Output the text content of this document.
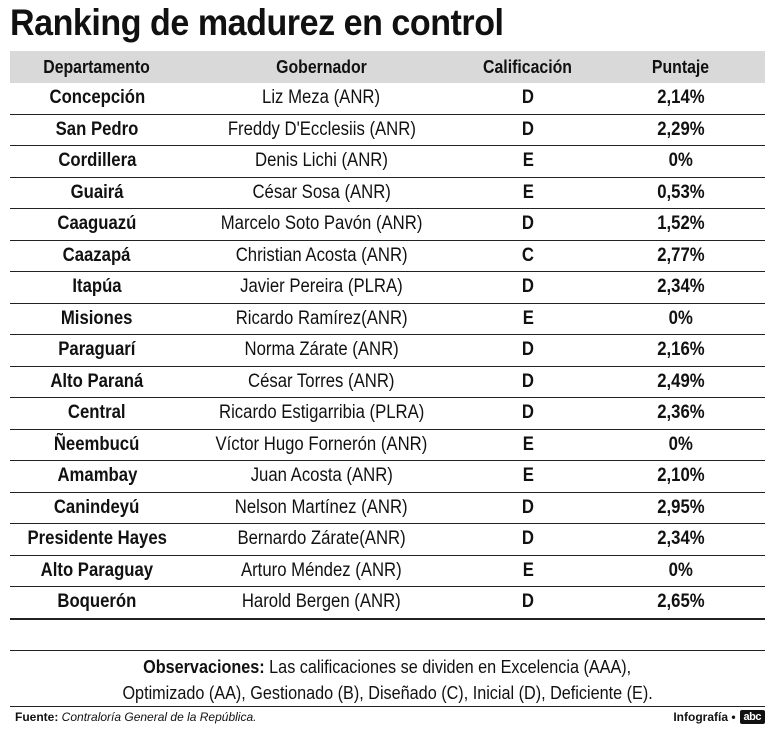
Ranking de madurez en control
Departamento	Gobernador	Calificación	Puntaje
Concepción	Liz Meza (ANR)	D	2,14%
San Pedro	Freddy D'Ecclesiis (ANR)	D	2,29%
Cordillera	Denis Lichi (ANR)	E	0%
Guairá	César Sosa (ANR)	E	0,53%
Caaguazú	Marcelo Soto Pavón (ANR)	D	1,52%
Caazapá	Christian Acosta (ANR)	C	2,77%
Itapúa	Javier Pereira (PLRA)	D	2,34%
Misiones	Ricardo Ramírez(ANR)	E	0%
Paraguarí	Norma Zárate (ANR)	D	2,16%
Alto Paraná	César Torres (ANR)	D	2,49%
Central	Ricardo Estigarribia (PLRA)	D	2,36%
Ñeembucú	Víctor Hugo Fornerón (ANR)	E	0%
Amambay	Juan Acosta (ANR)	E	2,10%
Canindeyú	Nelson Martínez (ANR)	D	2,95%
Presidente Hayes	Bernardo Zárate(ANR)	D	2,34%
Alto Paraguay	Arturo Méndez (ANR)	E	0%
Boquerón	Harold Bergen (ANR)	D	2,65%
Observaciones: Las calificaciones se dividen en Excelencia (AAA),
Optimizado (AA), Gestionado (B), Diseñado (C), Inicial (D), Deficiente (E).
Fuente: Contraloría General de la República.	Infografía • abc
